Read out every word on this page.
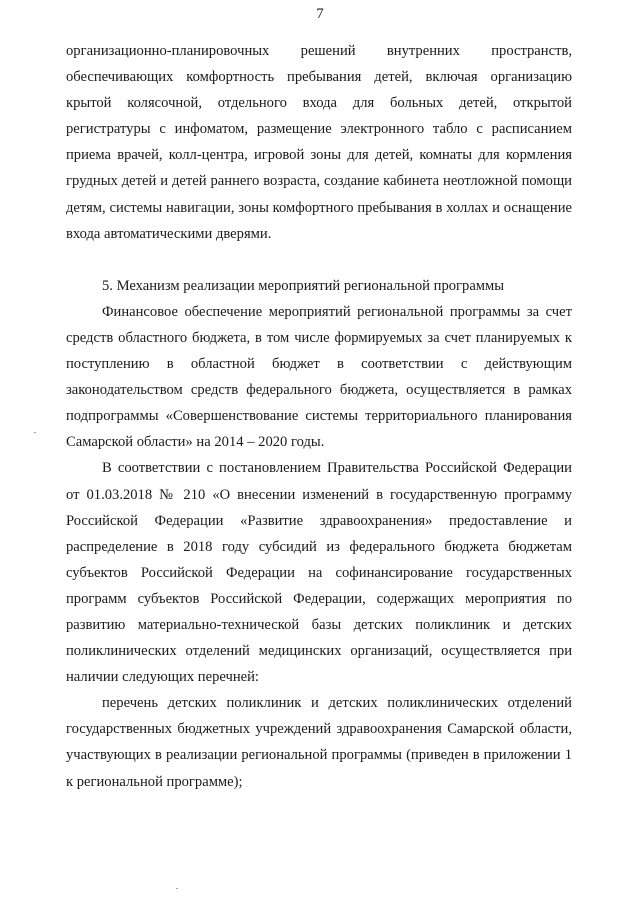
7

организационно-планировочных решений внутренних пространств, обеспечивающих комфортность пребывания детей, включая организацию крытой колясочной, отдельного входа для больных детей, открытой регистратуры с инфоматом, размещение электронного табло с расписанием приема врачей, колл-центра, игровой зоны для детей, комнаты для кормления грудных детей и детей раннего возраста, создание кабинета неотложной помощи детям, системы навигации, зоны комфортного пребывания в холлах и оснащение входа автоматическими дверями.

5. Механизм реализации мероприятий региональной программы

Финансовое обеспечение мероприятий региональной программы за счет средств областного бюджета, в том числе формируемых за счет планируемых к поступлению в областной бюджет в соответствии с действующим законодательством средств федерального бюджета, осуществляется в рамках подпрограммы «Совершенствование системы территориального планирования Самарской области» на 2014 – 2020 годы.

В соответствии с постановлением Правительства Российской Федерации от 01.03.2018 № 210 «О внесении изменений в государственную программу Российской Федерации «Развитие здравоохранения» предоставление и распределение в 2018 году субсидий из федерального бюджета бюджетам субъектов Российской Федерации на софинансирование государственных программ субъектов Российской Федерации, содержащих мероприятия по развитию материально-технической базы детских поликлиник и детских поликлинических отделений медицинских организаций, осуществляется при наличии следующих перечней:

перечень детских поликлиник и детских поликлинических отделений государственных бюджетных учреждений здравоохранения Самарской области, участвующих в реализации региональной программы (приведен в приложении 1 к региональной программе);
